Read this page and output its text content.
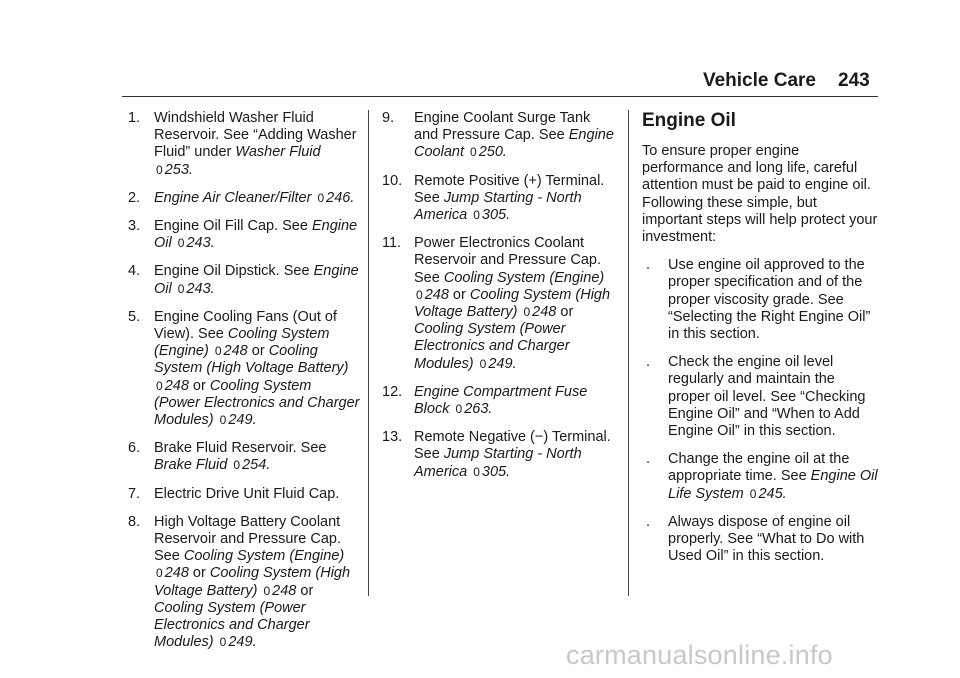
Vehicle Care 243
1. Windshield Washer Fluid Reservoir. See “Adding Washer Fluid” under Washer Fluid 0 253.
2. Engine Air Cleaner/Filter 0 246.
3. Engine Oil Fill Cap. See Engine Oil 0 243.
4. Engine Oil Dipstick. See Engine Oil 0 243.
5. Engine Cooling Fans (Out of View). See Cooling System (Engine) 0 248 or Cooling System (High Voltage Battery) 0 248 or Cooling System (Power Electronics and Charger Modules) 0 249.
6. Brake Fluid Reservoir. See Brake Fluid 0 254.
7. Electric Drive Unit Fluid Cap.
8. High Voltage Battery Coolant Reservoir and Pressure Cap. See Cooling System (Engine) 0 248 or Cooling System (High Voltage Battery) 0 248 or Cooling System (Power Electronics and Charger Modules) 0 249.
9.	Engine Coolant Surge Tank and Pressure Cap. See Engine Coolant 0 250.
10. Remote Positive (+) Terminal. See Jump Starting - North America 0 305.
11. Power Electronics Coolant Reservoir and Pressure Cap. See Cooling System (Engine) 0 248 or Cooling System (High Voltage Battery) 0 248 or Cooling System (Power Electronics and Charger Modules) 0 249.
12. Engine Compartment Fuse Block 0 263.
13. Remote Negative (−) Terminal. See Jump Starting - North America 0 305.
Engine Oil
To ensure proper engine performance and long life, careful attention must be paid to engine oil. Following these simple, but important steps will help protect your investment:
.	Use engine oil approved to the proper specification and of the proper viscosity grade. See “Selecting the Right Engine Oil” in this section.
.	Check the engine oil level regularly and maintain the proper oil level. See “Checking Engine Oil” and “When to Add Engine Oil” in this section.
.	Change the engine oil at the appropriate time. See Engine Oil Life System 0 245.
.	Always dispose of engine oil properly. See “What to Do with Used Oil” in this section.
carmanualsonline.info
